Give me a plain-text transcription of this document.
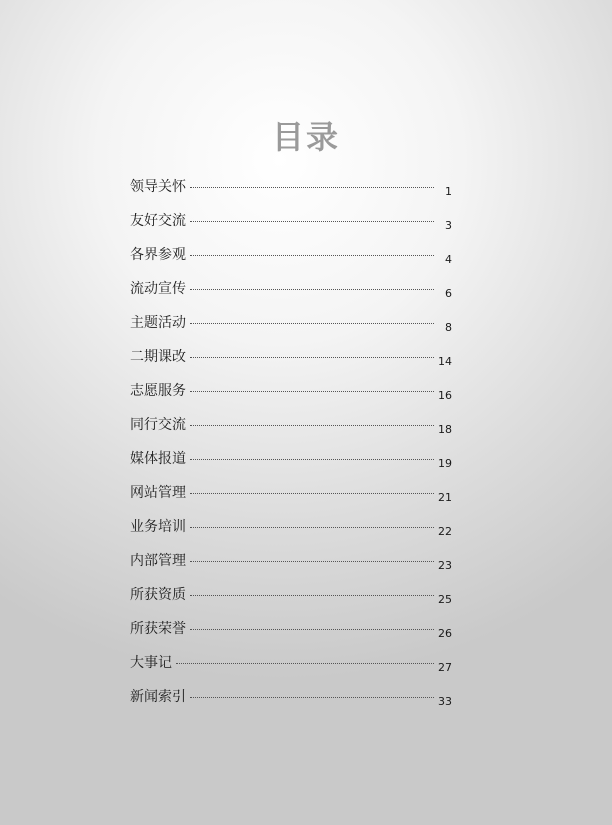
目录
领导关怀	1
友好交流	3
各界参观	4
流动宣传	6
主题活动	8
二期课改	14
志愿服务	16
同行交流	18
媒体报道	19
网站管理	21
业务培训	22
内部管理	23
所获资质	25
所获荣誉	26
大事记	27
新闻索引	33
